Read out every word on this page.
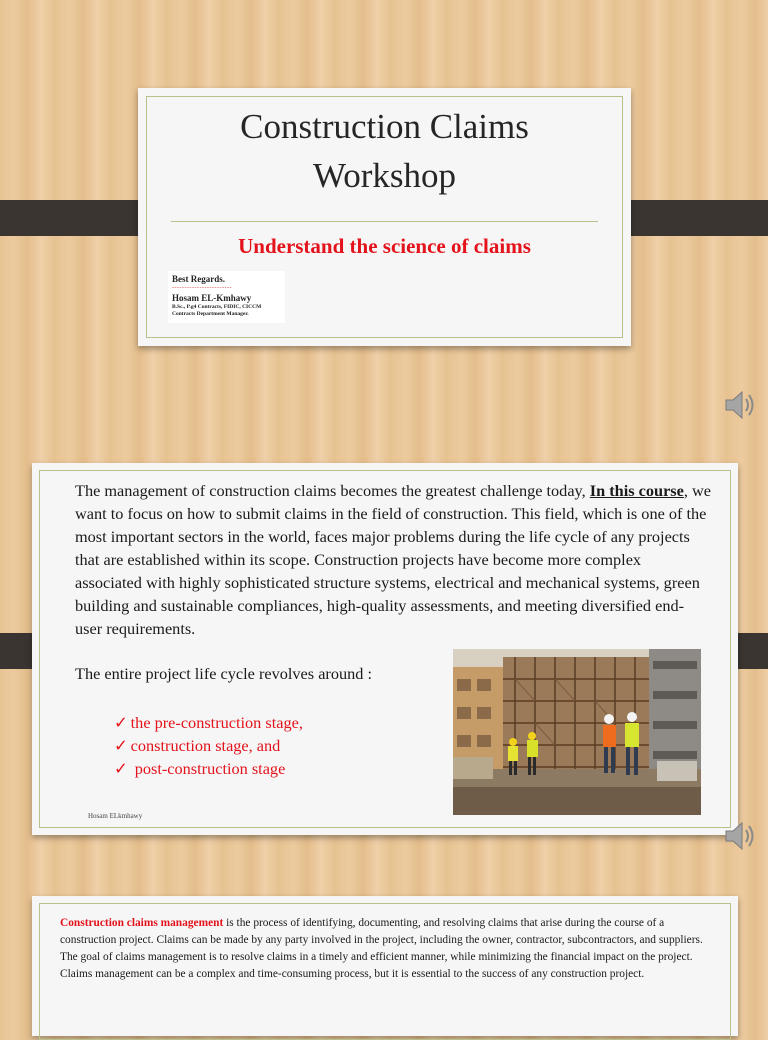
Construction Claims
Workshop
Understand the science of claims
Best Regards.
------------------------
Hosam EL-Kmhawy
B.Sc., P.g4 Contracts, FIDIC, CICCM
Contracts Department Manager.
The management of construction claims becomes the greatest challenge today, In this course, we want to focus on how to submit claims in the field of construction. This field, which is one of the most important sectors in the world, faces major problems during the life cycle of any projects that are established within its scope. Construction projects have become more complex associated with highly sophisticated structure systems, electrical and mechanical systems, green building and sustainable compliances, high-quality assessments, and meeting diversified end-user requirements.
The entire project life cycle revolves around :
✓ the pre-construction stage,
✓ construction stage, and
✓ post-construction stage
Hosam ELkmhawy
Construction claims management is the process of identifying, documenting, and resolving claims that arise during the course of a construction project. Claims can be made by any party involved in the project, including the owner, contractor, subcontractors, and suppliers.
The goal of claims management is to resolve claims in a timely and efficient manner, while minimizing the financial impact on the project. Claims management can be a complex and time-consuming process, but it is essential to the success of any construction project.
